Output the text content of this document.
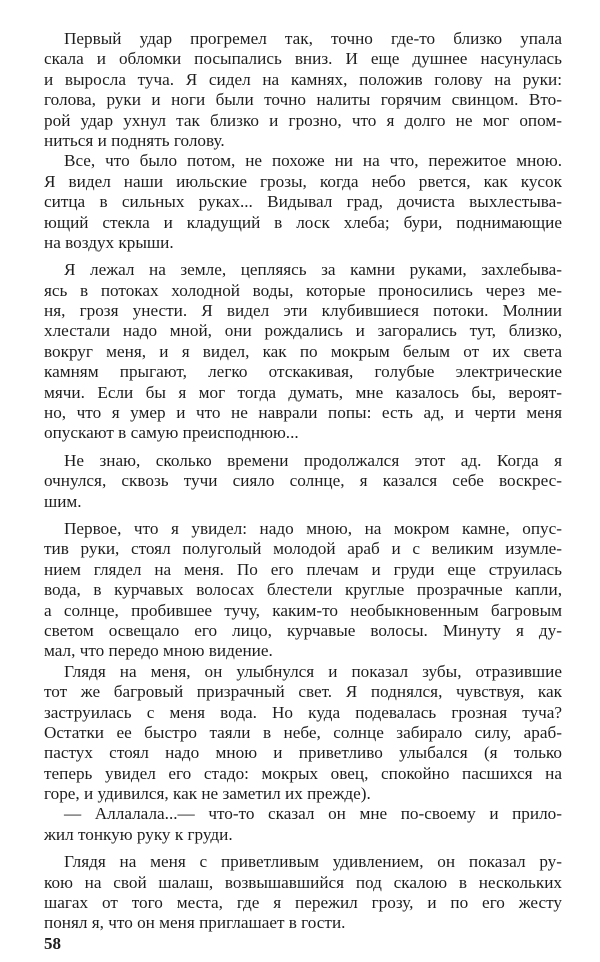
Первый удар прогремел так, точно где-то близко упала
скала и обломки посыпались вниз. И еще душнее насунулась
и выросла туча. Я сидел на камнях, положив голову на руки:
голова, руки и ноги были точно налиты горячим свинцом. Вто-
рой удар ухнул так близко и грозно, что я долго не мог опом-
ниться и поднять голову.
Все, что было потом, не похоже ни на что, пережитое мною.
Я видел наши июльские грозы, когда небо рвется, как кусок
ситца в сильных руках... Видывал град, дочиста выхлестыва-
ющий стекла и кладущий в лоск хлеба; бури, поднимающие
на воздух крыши.
Я лежал на земле, цепляясь за камни руками, захлебыва-
ясь в потоках холодной воды, которые проносились через ме-
ня, грозя унести. Я видел эти клубившиеся потоки. Молнии
хлестали надо мной, они рождались и загорались тут, близко,
вокруг меня, и я видел, как по мокрым белым от их света
камням прыгают, легко отскакивая, голубые электрические
мячи. Если бы я мог тогда думать, мне казалось бы, вероят-
но, что я умер и что не наврали попы: есть ад, и черти меня
опускают в самую преисподнюю...
Не знаю, сколько времени продолжался этот ад. Когда я
очнулся, сквозь тучи сияло солнце, я казался себе воскрес-
шим.
Первое, что я увидел: надо мною, на мокром камне, опус-
тив руки, стоял полуголый молодой араб и с великим изумле-
нием глядел на меня. По его плечам и груди еще струилась
вода, в курчавых волосах блестели круглые прозрачные капли,
а солнце, пробившее тучу, каким-то необыкновенным багровым
светом освещало его лицо, курчавые волосы. Минуту я ду-
мал, что передо мною видение.
Глядя на меня, он улыбнулся и показал зубы, отразившие
тот же багровый призрачный свет. Я поднялся, чувствуя, как
заструилась с меня вода. Но куда подевалась грозная туча?
Остатки ее быстро таяли в небе, солнце забирало силу, араб-
пастух стоял надо мною и приветливо улыбался (я только
теперь увидел его стадо: мокрых овец, спокойно пасшихся на
горе, и удивился, как не заметил их прежде).
— Аллалала...— что-то сказал он мне по-своему и прило-
жил тонкую руку к груди.
Глядя на меня с приветливым удивлением, он показал ру-
кою на свой шалаш, возвышавшийся под скалою в нескольких
шагах от того места, где я пережил грозу, и по его жесту
понял я, что он меня приглашает в гости.
58
